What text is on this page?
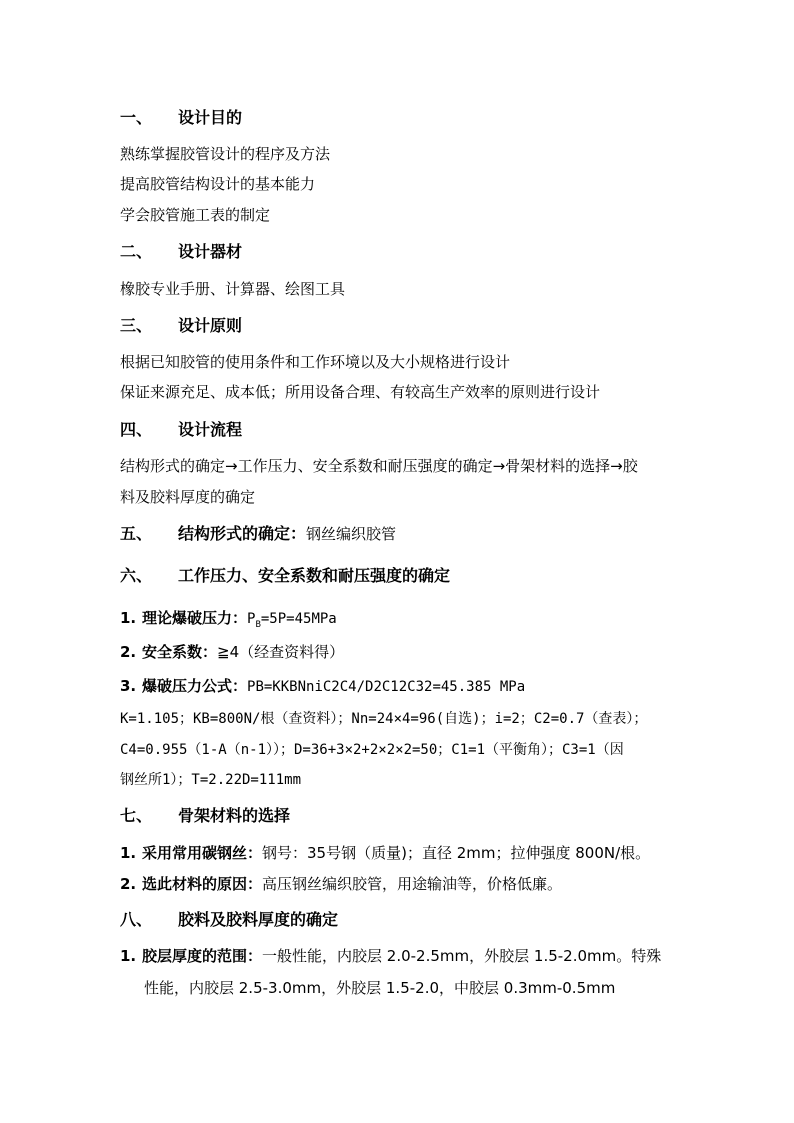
一、 设计目的
熟练掌握胶管设计的程序及方法
提高胶管结构设计的基本能力
学会胶管施工表的制定
二、 设计器材
橡胶专业手册、计算器、绘图工具
三、 设计原则
根据已知胶管的使用条件和工作环境以及大小规格进行设计
保证来源充足、成本低；所用设备合理、有较高生产效率的原则进行设计
四、 设计流程
结构形式的确定→工作压力、安全系数和耐压强度的确定→骨架材料的选择→胶
料及胶料厚度的确定
五、 结构形式的确定：钢丝编织胶管
六、 工作压力、安全系数和耐压强度的确定
1. 理论爆破压力：$P_B=5P=45MPa$
2. 安全系数：≧4（经查资料得）
3. 爆破压力公式：PB=KKBNniC2C4/D2C12C32=45.385 MPa
K=1.105；KB=800N/根（查资料）；Nn=24×4=96(自选)；i=2；C2=0.7（查表）；
C4=0.955（1-A（n-1））；D=36+3×2+2×2×2=50；C1=1（平衡角）；C3=1（因
钢丝所1）；T=2.22D=111mm
七、 骨架材料的选择
1. 采用常用碳钢丝：钢号：35号钢（质量)；直径 2mm；拉伸强度 800N/根。
2. 选此材料的原因：高压钢丝编织胶管，用途输油等，价格低廉。
八、 胶料及胶料厚度的确定
1. 胶层厚度的范围：一般性能，内胶层 2.0-2.5mm，外胶层 1.5-2.0mm。特殊
性能，内胶层 2.5-3.0mm，外胶层 1.5-2.0，中胶层 0.3mm-0.5mm
